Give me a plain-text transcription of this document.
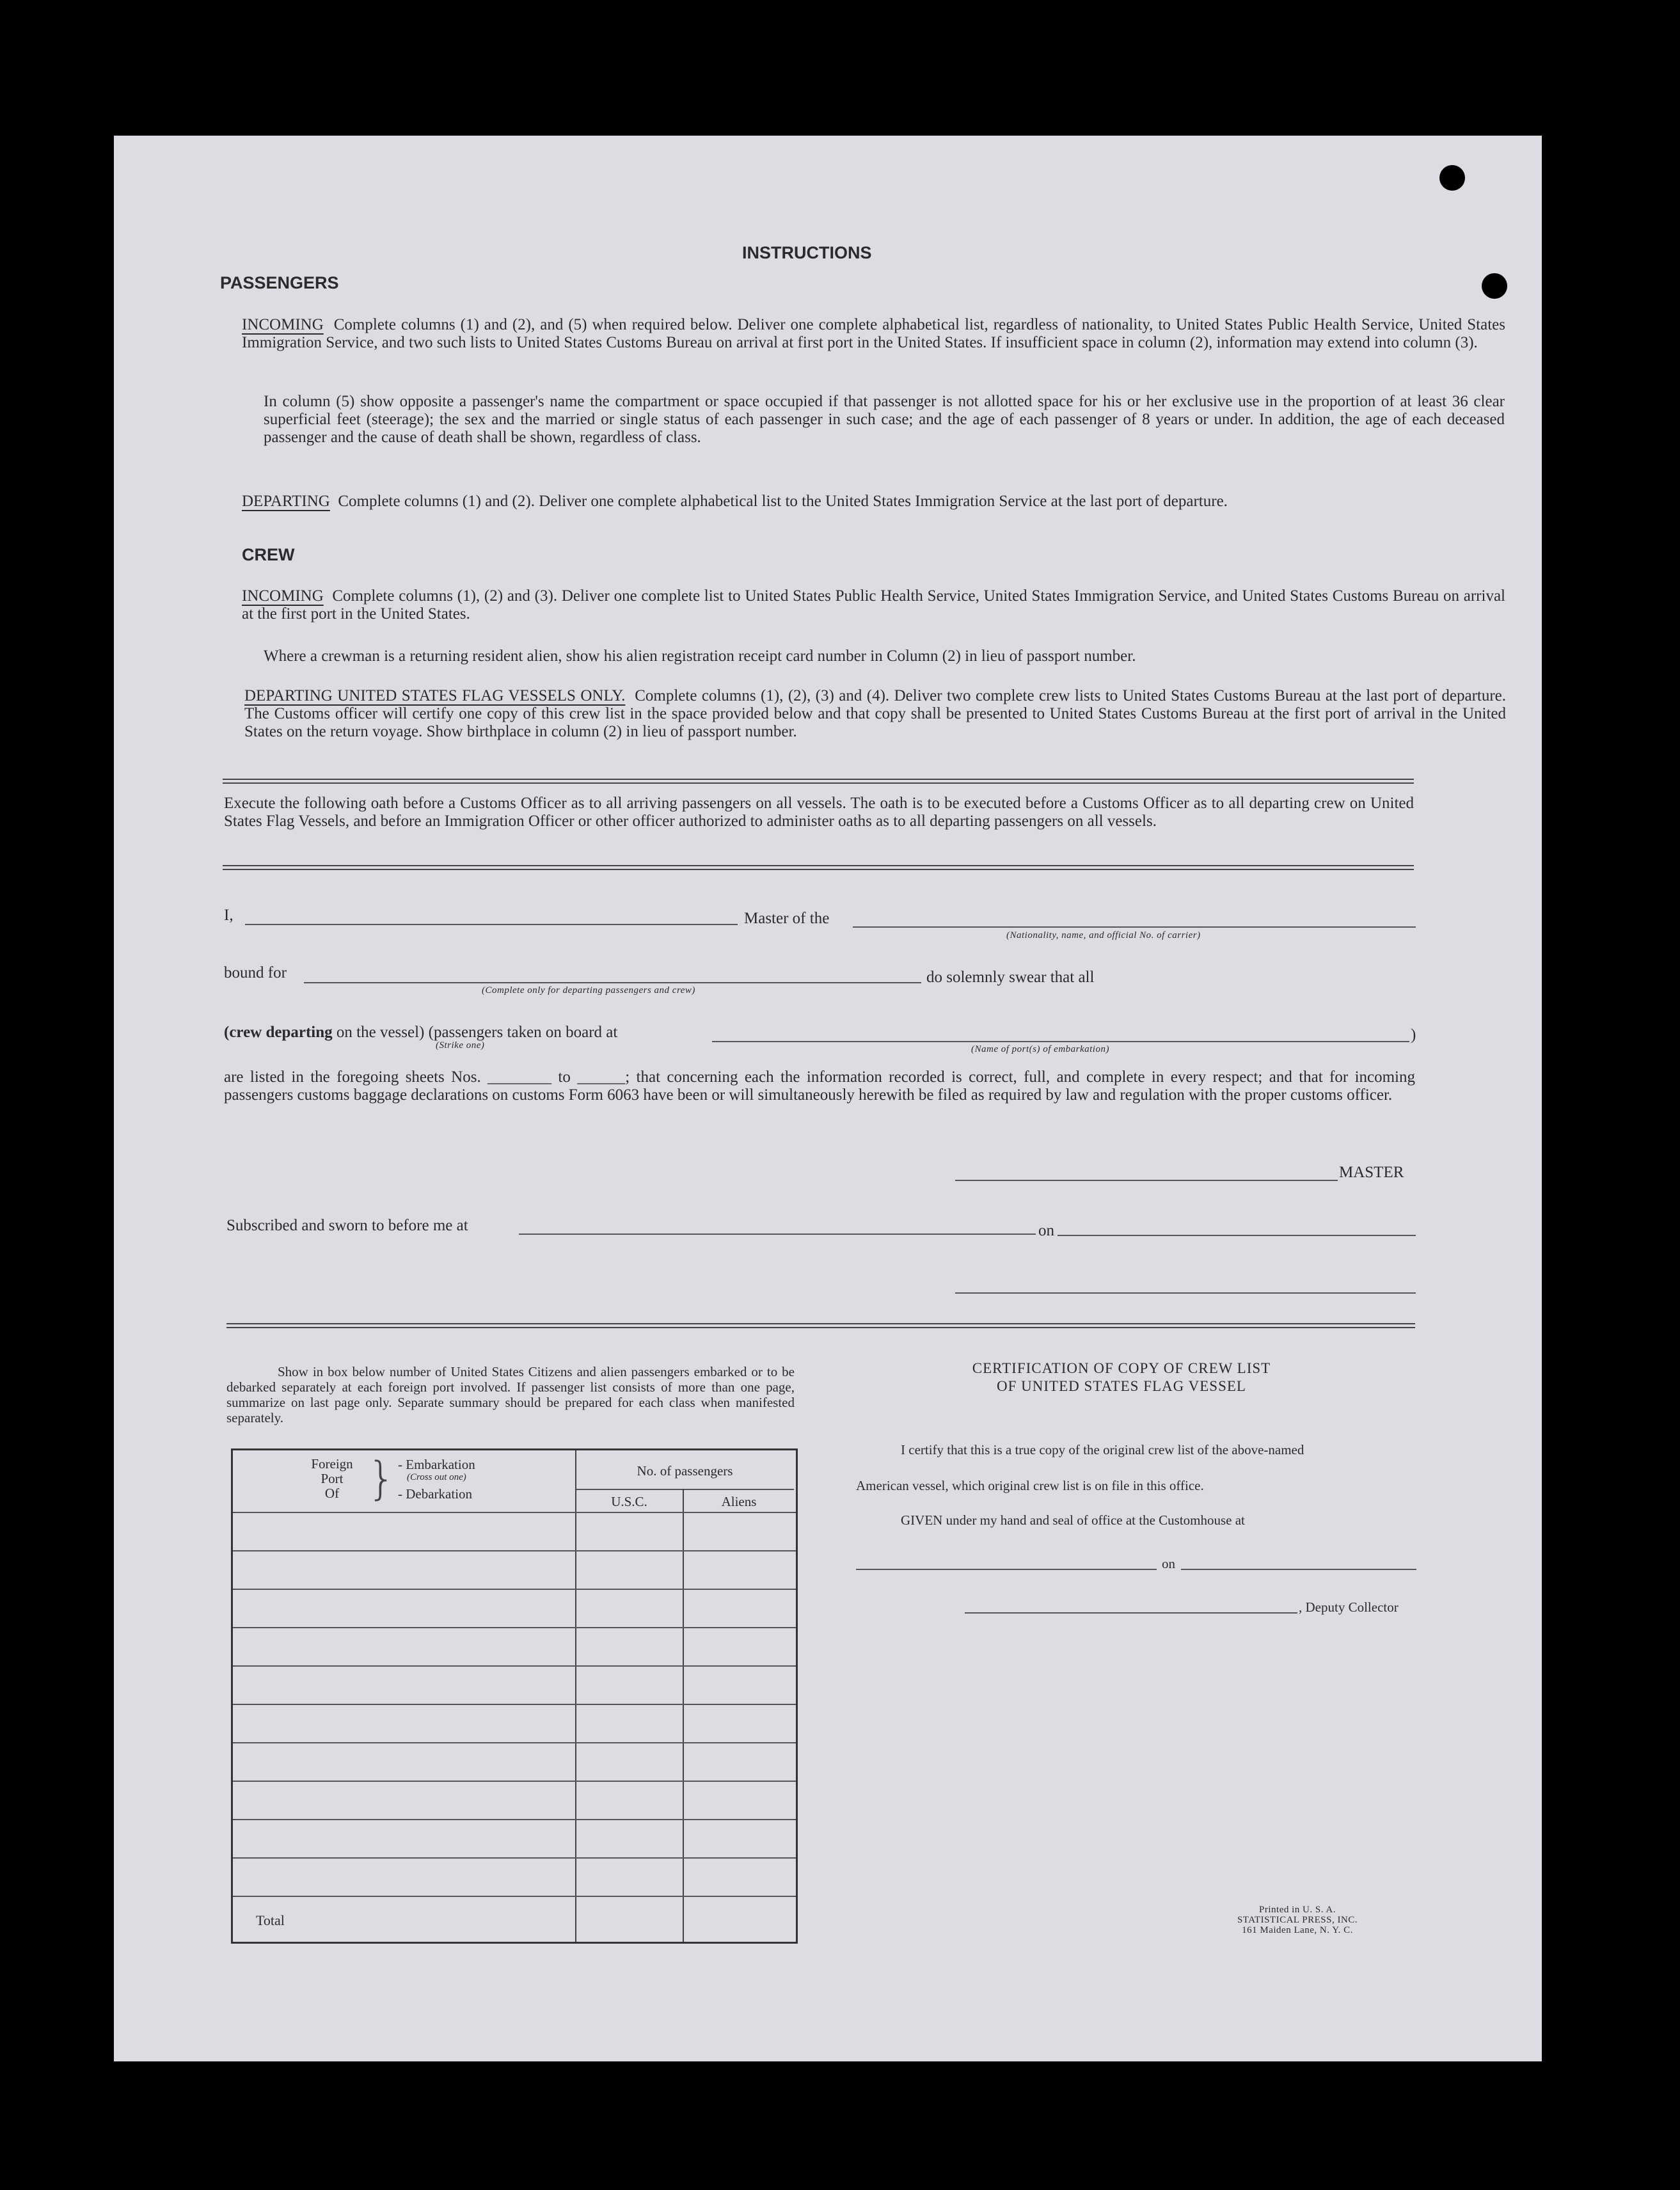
INSTRUCTIONS
PASSENGERS

INCOMING Complete columns (1) and (2), and (5) when required below. Deliver one complete alphabetical list, regardless of nationality, to United States Public Health Service, United States Immigration Service, and two such lists to United States Customs Bureau on arrival at first port in the United States. If insufficient space in column (2), information may extend into column (3).

In column (5) show opposite a passenger's name the compartment or space occupied if that passenger is not allotted space for his or her exclusive use in the proportion of at least 36 clear superficial feet (steerage); the sex and the married or single status of each passenger in such case; and the age of each passenger of 8 years or under. In addition, the age of each deceased passenger and the cause of death shall be shown, regardless of class.

DEPARTING Complete columns (1) and (2). Deliver one complete alphabetical list to the United States Immigration Service at the last port of departure.

CREW

INCOMING Complete columns (1), (2) and (3). Deliver one complete list to United States Public Health Service, United States Immigration Service, and United States Customs Bureau on arrival at the first port in the United States.

Where a crewman is a returning resident alien, show his alien registration receipt card number in Column (2) in lieu of passport number.

DEPARTING UNITED STATES FLAG VESSELS ONLY. Complete columns (1), (2), (3) and (4). Deliver two complete crew lists to United States Customs Bureau at the last port of departure. The Customs officer will certify one copy of this crew list in the space provided below and that copy shall be presented to United States Customs Bureau at the first port of arrival in the United States on the return voyage. Show birthplace in column (2) in lieu of passport number.

Execute the following oath before a Customs Officer as to all arriving passengers on all vessels. The oath is to be executed before a Customs Officer as to all departing crew on United States Flag Vessels, and before an Immigration Officer or other officer authorized to administer oaths as to all departing passengers on all vessels.

I,	Master of the
(Nationality, name, and official No. of carrier)
bound for
(Complete only for departing passengers and crew)
do solemnly swear that all
(crew departing on the vessel) (passengers taken on board at
(Strike one)
)
(Name of port(s) of embarkation)

are listed in the foregoing sheets Nos. ________ to ______; that concerning each the information recorded is correct, full, and complete in every respect; and that for incoming passengers customs baggage declarations on customs Form 6063 have been or will simultaneously herewith be filed as required by law and regulation with the proper customs officer.

MASTER
Subscribed and sworn to before me at	on

Show in box below number of United States Citizens and alien passengers embarked or to be debarked separately at each foreign port involved. If passenger list consists of more than one page, summarize on last page only. Separate summary should be prepared for each class when manifested separately.

Foreign
Port
Of } - Embarkation
(Cross out one)
- Debarkation
No. of passengers
U.S.C.	Aliens
Total
CERTIFICATION OF COPY OF CREW LIST
OF UNITED STATES FLAG VESSEL
I certify that this is a true copy of the original crew list of the above-named
American vessel, which original crew list is on file in this office.
GIVEN under my hand and seal of office at the Customhouse at
on
, Deputy Collector
Printed in U. S. A.
STATISTICAL PRESS, INC.
161 Maiden Lane, N. Y. C.
